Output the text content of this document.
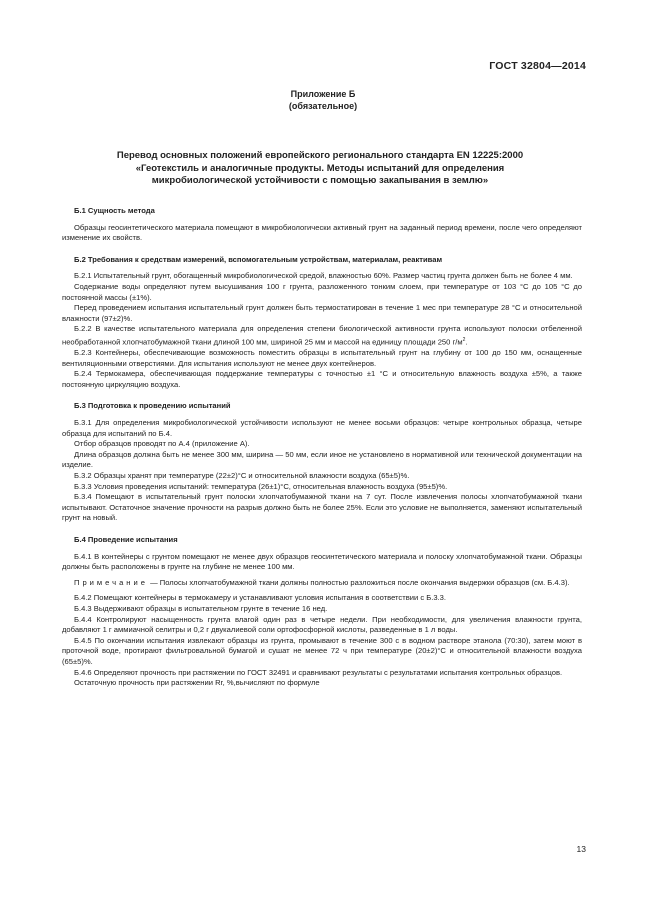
ГОСТ 32804—2014
Приложение Б
(обязательное)
Перевод основных положений европейского регионального стандарта EN 12225:2000
«Геотекстиль и аналогичные продукты. Методы испытаний для определения
микробиологической устойчивости с помощью закапывания в землю»
Б.1 Сущность метода

Образцы геосинтетического материала помещают в микробиологически активный грунт на заданный период времени, после чего определяют изменение их свойств.

Б.2 Требования к средствам измерений, вспомогательным устройствам, материалам, реактивам

Б.2.1 Испытательный грунт, обогащенный микробиологической средой, влажностью 60%. Размер частиц грунта должен быть не более 4 мм.

Содержание воды определяют путем высушивания 100 г грунта, разложенного тонким слоем, при температуре от 103 °С до 105 °С до постоянной массы (±1%).

Перед проведением испытания испытательный грунт должен быть термостатирован в течение 1 мес при температуре 28 °С и относительной влажности (97±2)%.

Б.2.2 В качестве испытательного материала для определения степени биологической активности грунта используют полоски отбеленной необработанной хлопчатобумажной ткани длиной 100 мм, шириной 25 мм и массой на единицу площади 250 $г/м^2$.

Б.2.3 Контейнеры, обеспечивающие возможность поместить образцы в испытательный грунт на глубину от 100 до 150 мм, оснащенные вентиляционными отверстиями. Для испытания используют не менее двух контейнеров.

Б.2.4 Термокамера, обеспечивающая поддержание температуры с точностью ±1 °С и относительную влажность воздуха ±5%, а также постоянную циркуляцию воздуха.

Б.3 Подготовка к проведению испытаний

Б.3.1 Для определения микробиологической устойчивости используют не менее восьми образцов: четыре контрольных образца, четыре образца для испытаний по Б.4.

Отбор образцов проводят по А.4 (приложение А).

Длина образцов должна быть не менее 300 мм, ширина — 50 мм, если иное не установлено в нормативной или технической документации на изделие.

Б.3.2 Образцы хранят при температуре (22±2)°С и относительной влажности воздуха (65±5)%.

Б.3.3 Условия проведения испытаний: температура (26±1)°С, относительная влажность воздуха (95±5)%.

Б.3.4 Помещают в испытательный грунт полоски хлопчатобумажной ткани на 7 сут. После извлечения полосы хлопчатобумажной ткани испытывают. Остаточное значение прочности на разрыв должно быть не более 25%. Если это условие не выполняется, заменяют испытательный грунт на новый.

Б.4 Проведение испытания

Б.4.1 В контейнеры с грунтом помещают не менее двух образцов геосинтетического материала и полоску хлопчатобумажной ткани. Образцы должны быть расположены в грунте на глубине не менее 100 мм.

Примечание — Полосы хлопчатобумажной ткани должны полностью разложиться после окончания выдержки образцов (см. Б.4.3).

Б.4.2 Помещают контейнеры в термокамеру и устанавливают условия испытания в соответствии с Б.3.3.

Б.4.3 Выдерживают образцы в испытательном грунте в течение 16 нед.

Б.4.4 Контролируют насыщенность грунта влагой один раз в четыре недели. При необходимости, для увеличения влажности грунта, добавляют 1 г аммиачной селитры и 0,2 г двукалиевой соли ортофосфорной кислоты, разведенные в 1 л воды.

Б.4.5 По окончании испытания извлекают образцы из грунта, промывают в течение 300 с в водном растворе этанола (70:30), затем моют в проточной воде, протирают фильтровальной бумагой и сушат не менее 72 ч при температуре (20±2)°С и относительной влажности воздуха (65±5)%.

Б.4.6 Определяют прочность при растяжении по ГОСТ 32491 и сравнивают результаты с результатами испытания контрольных образцов.

Остаточную прочность при растяжении Rr, %,вычисляют по формуле

13
